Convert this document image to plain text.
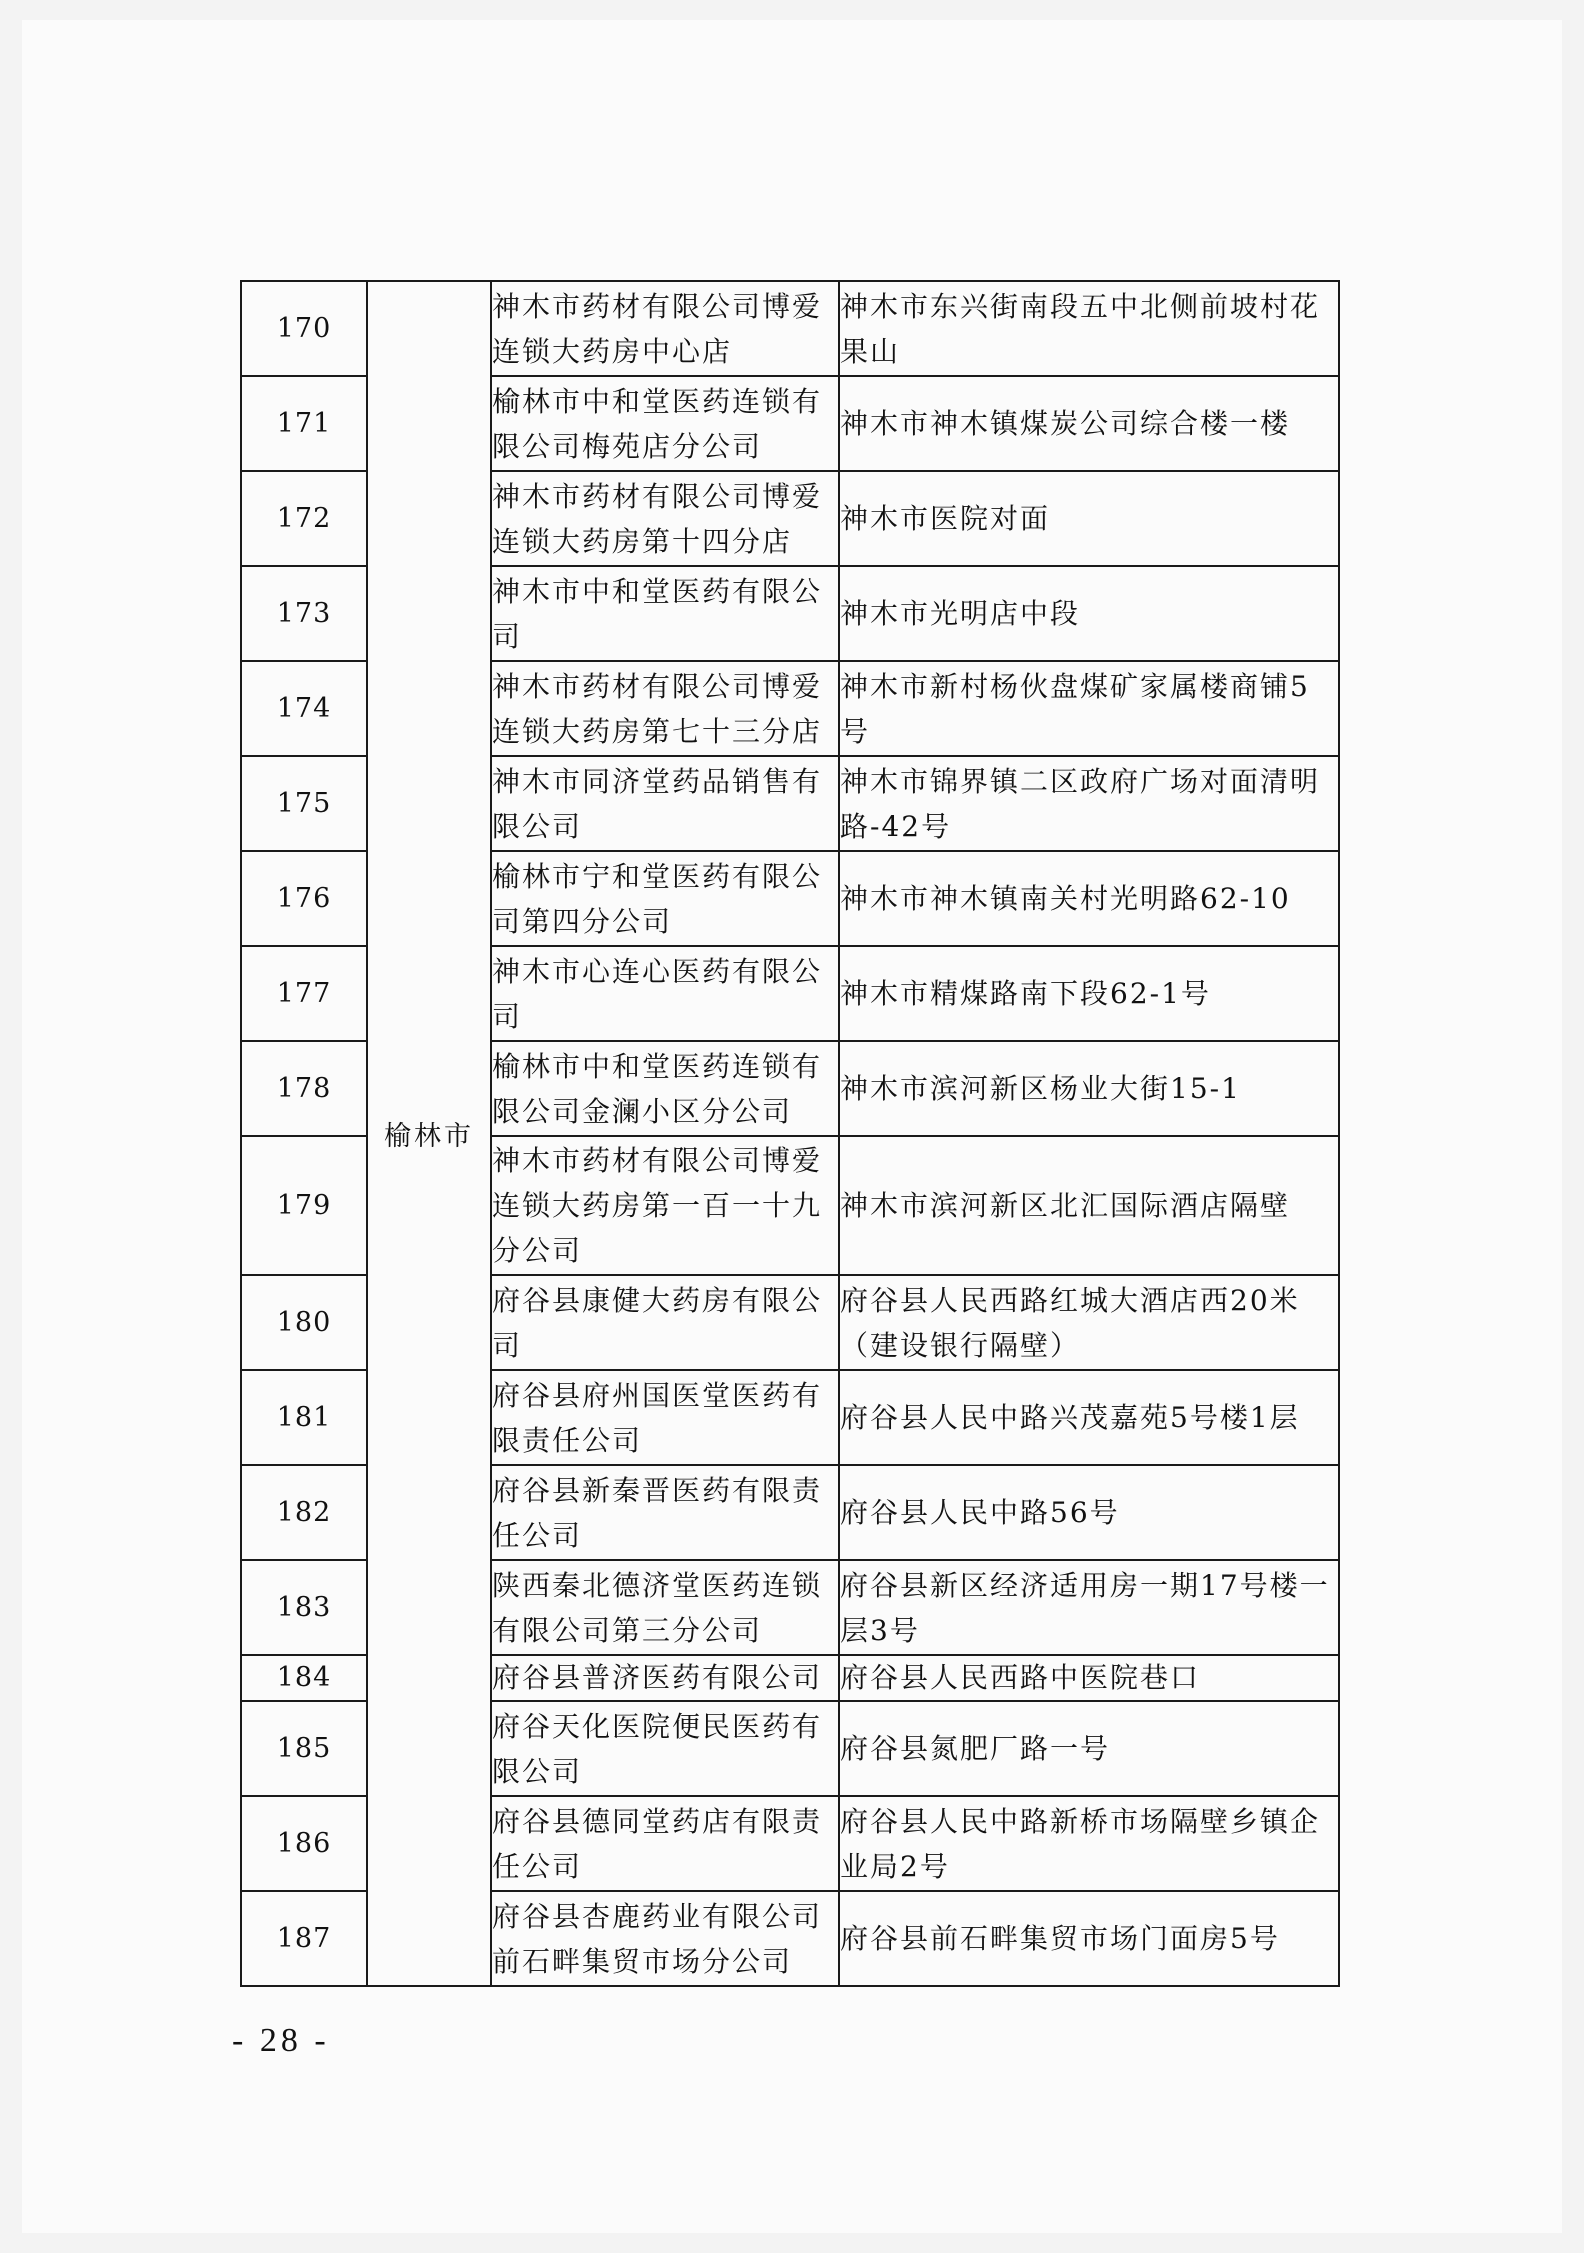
170	榆林市	神木市药材有限公司博爱连锁大药房中心店	神木市东兴街南段五中北侧前坡村花果山
171		榆林市中和堂医药连锁有限公司梅苑店分公司	神木市神木镇煤炭公司综合楼一楼
172		神木市药材有限公司博爱连锁大药房第十四分店	神木市医院对面
173		神木市中和堂医药有限公司	神木市光明店中段
174		神木市药材有限公司博爱连锁大药房第七十三分店	神木市新村杨伙盘煤矿家属楼商铺5号
175		神木市同济堂药品销售有限公司	神木市锦界镇二区政府广场对面清明路-42号
176		榆林市宁和堂医药有限公司第四分公司	神木市神木镇南关村光明路62-10
177		神木市心连心医药有限公司	神木市精煤路南下段62-1号
178		榆林市中和堂医药连锁有限公司金澜小区分公司	神木市滨河新区杨业大街15-1
179		神木市药材有限公司博爱连锁大药房第一百一十九分公司	神木市滨河新区北汇国际酒店隔壁
180		府谷县康健大药房有限公司	府谷县人民西路红城大酒店西20米（建设银行隔壁）
181		府谷县府州国医堂医药有限责任公司	府谷县人民中路兴茂嘉苑5号楼1层
182		府谷县新秦晋医药有限责任公司	府谷县人民中路56号
183		陕西秦北德济堂医药连锁有限公司第三分公司	府谷县新区经济适用房一期17号楼一层3号
184		府谷县普济医药有限公司	府谷县人民西路中医院巷口
185		府谷天化医院便民医药有限公司	府谷县氮肥厂路一号
186		府谷县德同堂药店有限责任公司	府谷县人民中路新桥市场隔壁乡镇企业局2号
187		府谷县杏鹿药业有限公司前石畔集贸市场分公司	府谷县前石畔集贸市场门面房5号
- 28 -
